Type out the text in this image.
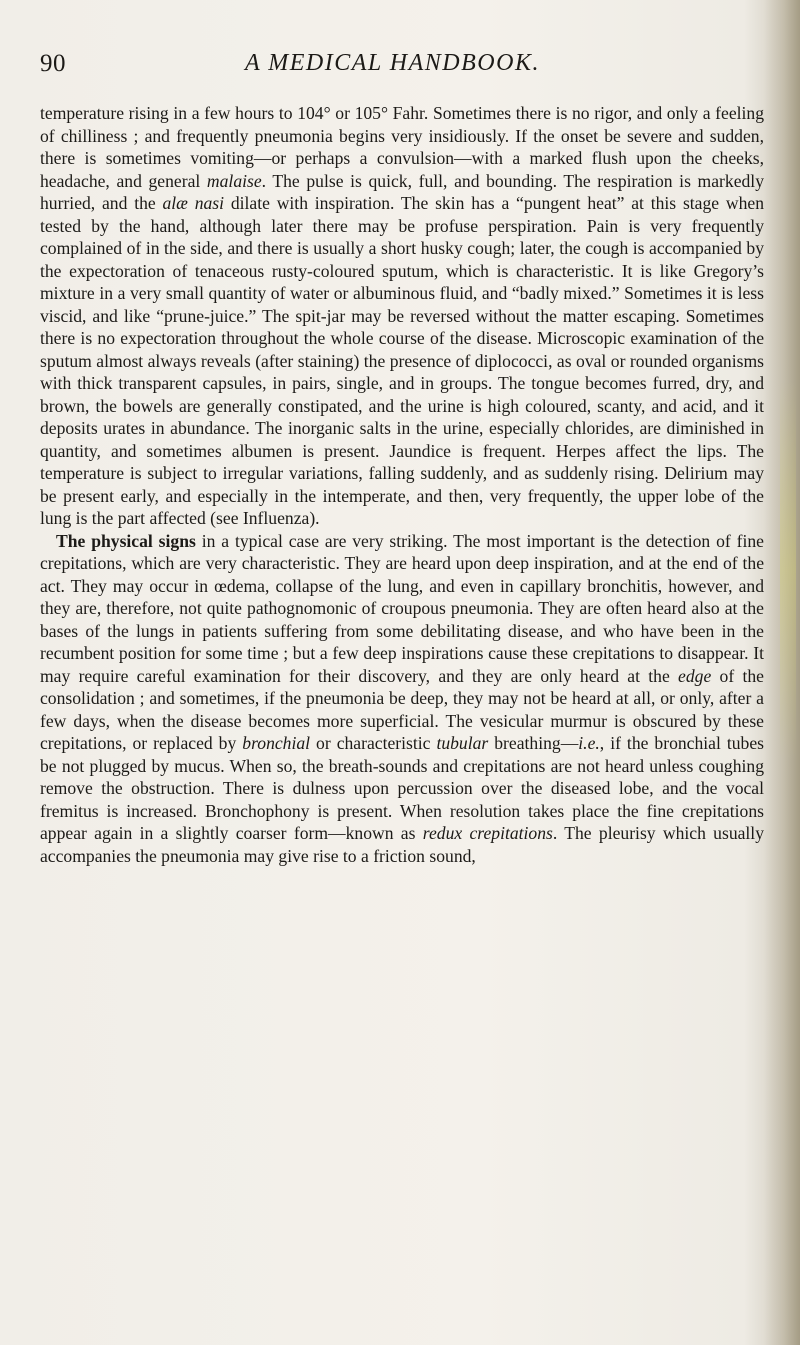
90	A MEDICAL HANDBOOK.

temperature rising in a few hours to 104° or 105° Fahr. Sometimes there is no rigor, and only a feeling of chilliness ; and frequently pneumonia begins very insidiously. If the onset be severe and sudden, there is sometimes vomiting—or perhaps a convulsion—with a marked flush upon the cheeks, headache, and general malaise. The pulse is quick, full, and bounding. The respiration is markedly hurried, and the alæ nasi dilate with inspiration. The skin has a “pungent heat” at this stage when tested by the hand, although later there may be profuse perspiration. Pain is very frequently complained of in the side, and there is usually a short husky cough; later, the cough is accompanied by the expectoration of tenaceous rusty-coloured sputum, which is characteristic. It is like Gregory’s mixture in a very small quantity of water or albuminous fluid, and “badly mixed.” Sometimes it is less viscid, and like “prune-juice.” The spit-jar may be reversed without the matter escaping. Sometimes there is no expectoration throughout the whole course of the disease. Microscopic examination of the sputum almost always reveals (after staining) the presence of diplococci, as oval or rounded organisms with thick transparent capsules, in pairs, single, and in groups. The tongue becomes furred, dry, and brown, the bowels are generally constipated, and the urine is high coloured, scanty, and acid, and it deposits urates in abundance. The inorganic salts in the urine, especially chlorides, are diminished in quantity, and sometimes albumen is present. Jaundice is frequent. Herpes affect the lips. The temperature is subject to irregular variations, falling suddenly, and as suddenly rising. Delirium may be present early, and especially in the intemperate, and then, very frequently, the upper lobe of the lung is the part affected (see Influenza).

The physical signs in a typical case are very striking. The most important is the detection of fine crepitations, which are very characteristic. They are heard upon deep inspiration, and at the end of the act. They may occur in œdema, collapse of the lung, and even in capillary bronchitis, however, and they are, therefore, not quite pathognomonic of croupous pneumonia. They are often heard also at the bases of the lungs in patients suffering from some debilitating disease, and who have been in the recumbent position for some time ; but a few deep inspirations cause these crepitations to disappear. It may require careful examination for their discovery, and they are only heard at the edge of the consolidation ; and sometimes, if the pneumonia be deep, they may not be heard at all, or only, after a few days, when the disease becomes more superficial. The vesicular murmur is obscured by these crepitations, or replaced by bronchial or characteristic tubular breathing—i.e., if the bronchial tubes be not plugged by mucus. When so, the breath-sounds and crepitations are not heard unless coughing remove the obstruction. There is dulness upon percussion over the diseased lobe, and the vocal fremitus is increased. Bronchophony is present. When resolution takes place the fine crepitations appear again in a slightly coarser form—known as redux crepitations. The pleurisy which usually accompanies the pneumonia may give rise to a friction sound,
